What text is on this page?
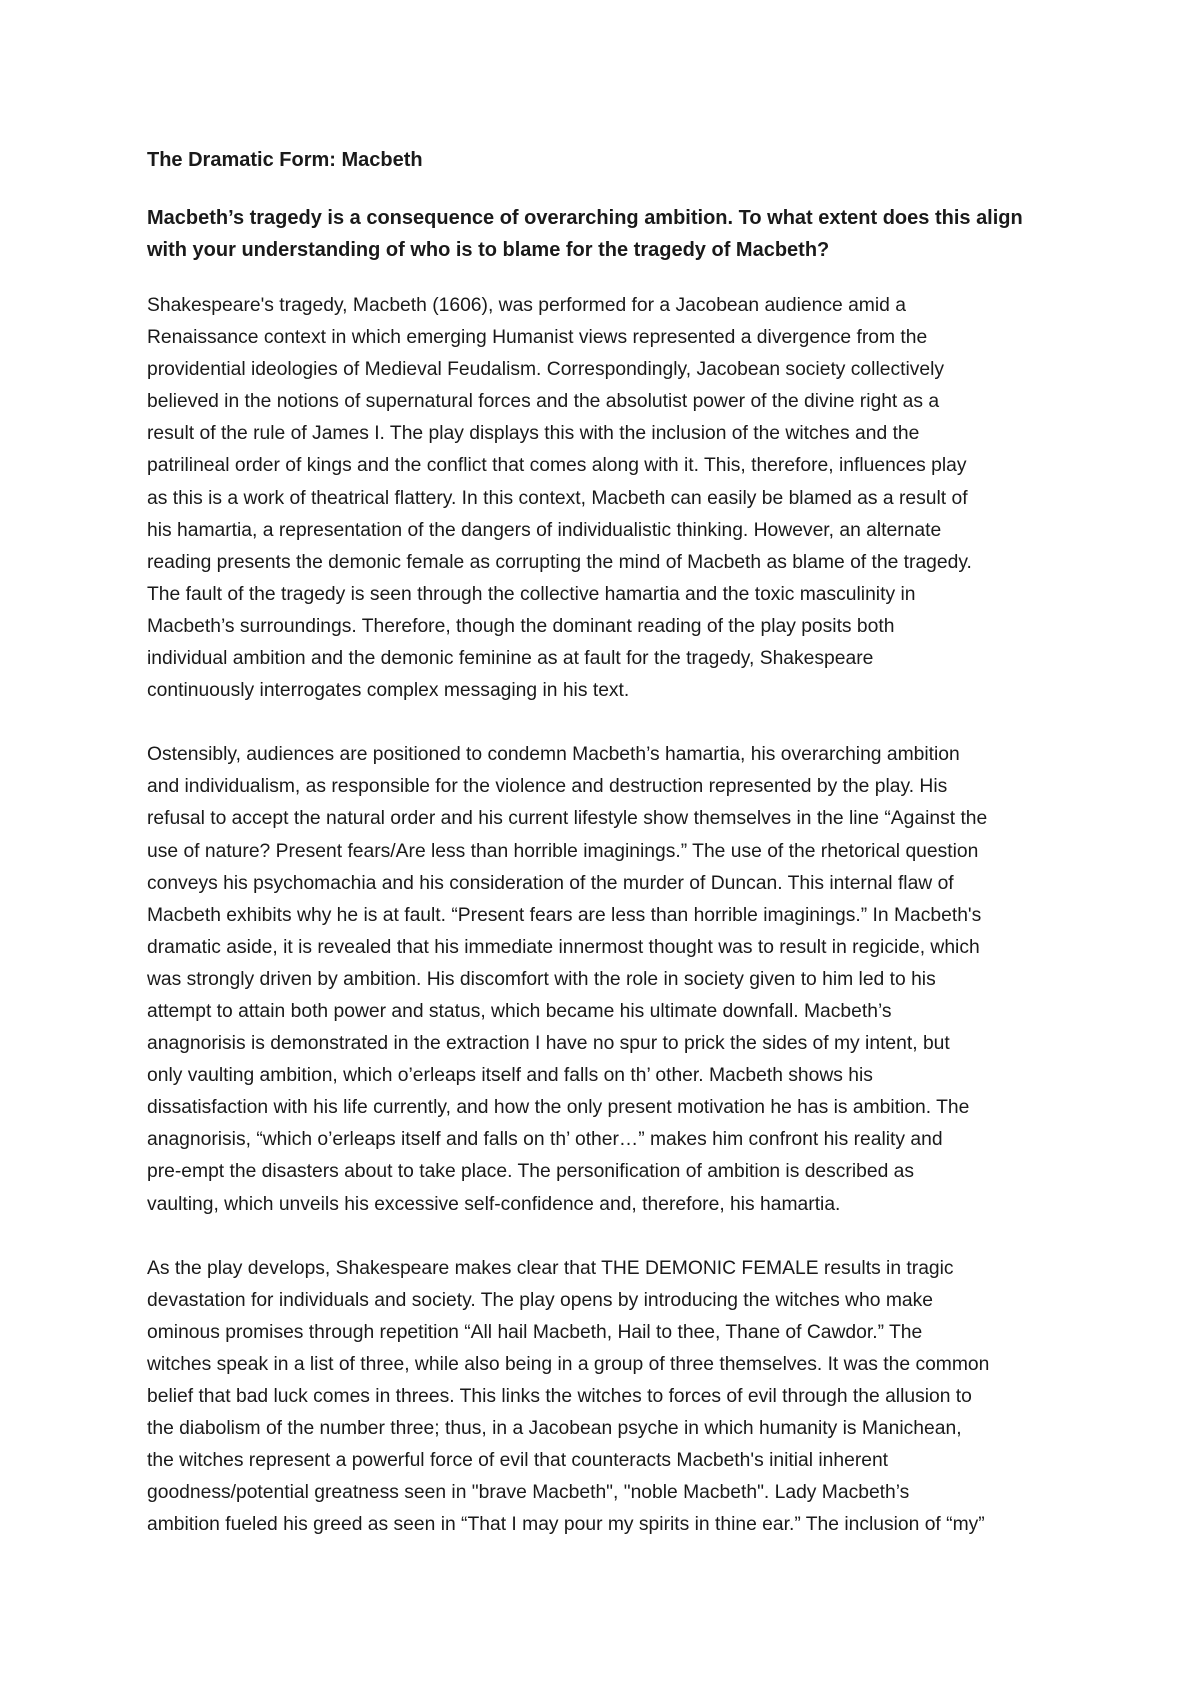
The Dramatic Form: Macbeth
Macbeth’s tragedy is a consequence of overarching ambition. To what extent does this align
with your understanding of who is to blame for the tragedy of Macbeth?
Shakespeare's tragedy, Macbeth (1606), was performed for a Jacobean audience amid a
Renaissance context in which emerging Humanist views represented a divergence from the
providential ideologies of Medieval Feudalism. Correspondingly, Jacobean society collectively
believed in the notions of supernatural forces and the absolutist power of the divine right as a
result of the rule of James I. The play displays this with the inclusion of the witches and the
patrilineal order of kings and the conflict that comes along with it. This, therefore, influences play
as this is a work of theatrical flattery. In this context, Macbeth can easily be blamed as a result of
his hamartia, a representation of the dangers of individualistic thinking. However, an alternate
reading presents the demonic female as corrupting the mind of Macbeth as blame of the tragedy.
The fault of the tragedy is seen through the collective hamartia and the toxic masculinity in
Macbeth’s surroundings. Therefore, though the dominant reading of the play posits both
individual ambition and the demonic feminine as at fault for the tragedy, Shakespeare
continuously interrogates complex messaging in his text.
Ostensibly, audiences are positioned to condemn Macbeth’s hamartia, his overarching ambition
and individualism, as responsible for the violence and destruction represented by the play. His
refusal to accept the natural order and his current lifestyle show themselves in the line “Against the
use of nature? Present fears/Are less than horrible imaginings.” The use of the rhetorical question
conveys his psychomachia and his consideration of the murder of Duncan. This internal flaw of
Macbeth exhibits why he is at fault. “Present fears are less than horrible imaginings.” In Macbeth's
dramatic aside, it is revealed that his immediate innermost thought was to result in regicide, which
was strongly driven by ambition. His discomfort with the role in society given to him led to his
attempt to attain both power and status, which became his ultimate downfall. Macbeth’s
anagnorisis is demonstrated in the extraction I have no spur to prick the sides of my intent, but
only vaulting ambition, which o’erleaps itself and falls on th’ other. Macbeth shows his
dissatisfaction with his life currently, and how the only present motivation he has is ambition. The
anagnorisis, “which o’erleaps itself and falls on th’ other…” makes him confront his reality and
pre-empt the disasters about to take place. The personification of ambition is described as
vaulting, which unveils his excessive self-confidence and, therefore, his hamartia.
As the play develops, Shakespeare makes clear that THE DEMONIC FEMALE results in tragic
devastation for individuals and society. The play opens by introducing the witches who make
ominous promises through repetition “All hail Macbeth, Hail to thee, Thane of Cawdor.” The
witches speak in a list of three, while also being in a group of three themselves. It was the common
belief that bad luck comes in threes. This links the witches to forces of evil through the allusion to
the diabolism of the number three; thus, in a Jacobean psyche in which humanity is Manichean,
the witches represent a powerful force of evil that counteracts Macbeth's initial inherent
goodness/potential greatness seen in "brave Macbeth", "noble Macbeth". Lady Macbeth’s
ambition fueled his greed as seen in “That I may pour my spirits in thine ear.” The inclusion of “my”
